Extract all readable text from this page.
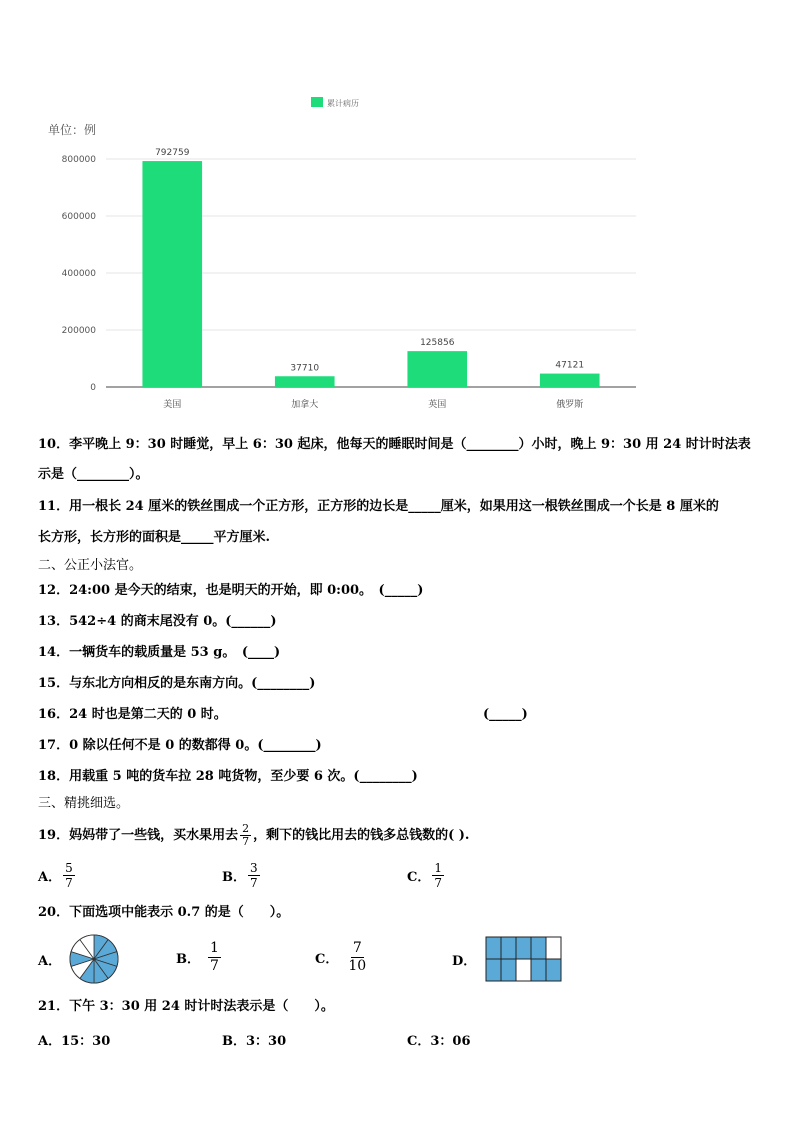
0
200000
400000
600000
800000
792759
37710
125856
47121
美国	加拿大	英国	俄罗斯
累计病历
单位：例
10．李平晚上 9：30 时睡觉，早上 6：30 起床，他每天的睡眠时间是（________）小时，晚上 9：30 用 24 时计时法表
示是（________）。
11．用一根长 24 厘米的铁丝围成一个正方形，正方形的边长是_____厘米，如果用这一根铁丝围成一个长是 8 厘米的
长方形，长方形的面积是_____平方厘米.
二、公正小法官。
12．24:00 是今天的结束，也是明天的开始，即 0:00。　(_____)
13．542÷4 的商末尾没有 0。(______)
14．一辆货车的载质量是 53 g。　(____)
15．与东北方向相反的是东南方向。(________)
16．24 时也是第二天的 0 时。	(_____)
17．0 除以任何不是 0 的数都得 0。(________)
18．用载重 5 吨的货车拉 28 吨货物，至少要 6 次。(________)
三、精挑细选。
19．妈妈带了一些钱，买水果用去 $\frac{2}{7}$ ，剩下的钱比用去的钱多总钱数的( ).
A． $\frac{5}{7}$	B． $\frac{3}{7}$	C． $\frac{1}{7}$
20．下面选项中能表示 0.7 的是（　　）。
A．	B． $\frac{1}{7}$	C． $\frac{7}{10}$	D．
21．下午 3：30 用 24 时计时法表示是（　　）。
A．15：30	B．3：30	C．3：06
